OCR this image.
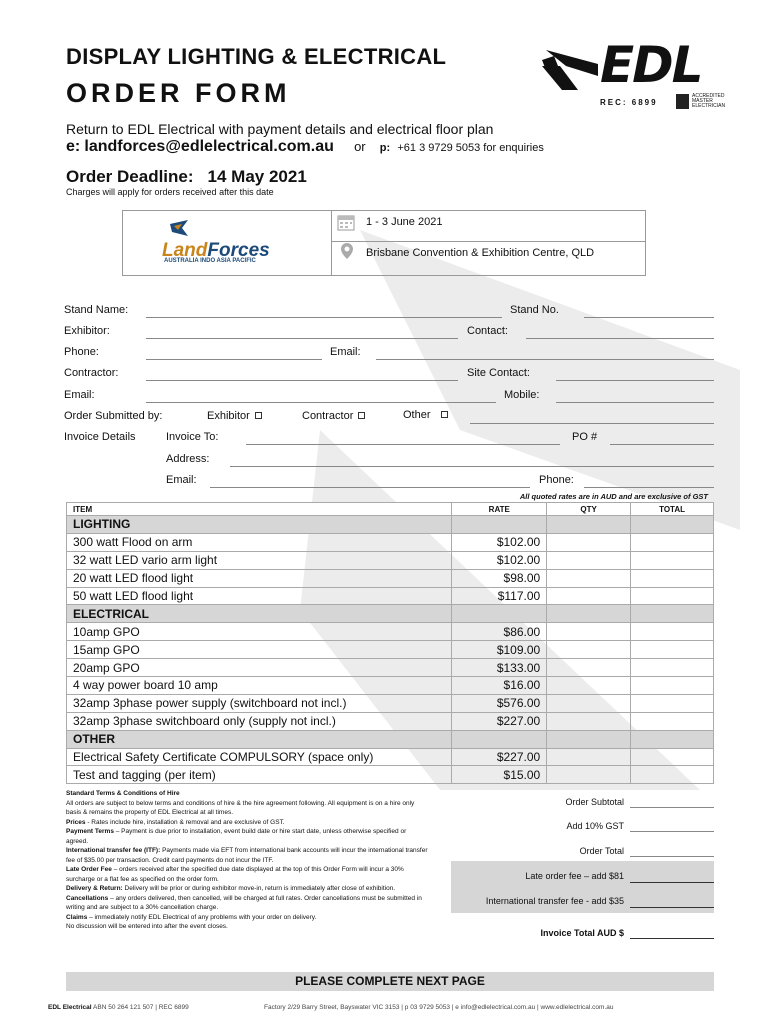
DISPLAY LIGHTING & ELECTRICAL
ORDER FORM	EDL
REC: 6899
ACCREDITED MASTER ELECTRICIAN
Return to EDL Electrical with payment details and electrical floor plan
e: landforces@edlelectrical.com.au or p: +61 3 9729 5053 for enquiries
Order Deadline: 14 May 2021
Charges will apply for orders received after this date
LandForces
AUSTRALIA INDO ASIA PACIFIC
1 - 3 June 2021
Brisbane Convention & Exhibition Centre, QLD
Stand Name:	Stand No.
Exhibitor:	Contact:
Phone:	Email:
Contractor:	Site Contact:
Email:	Mobile:
Order Submitted by:	Exhibitor	Contractor	Other
Invoice Details	Invoice To:	PO #
Address:
Email:	Phone:
All quoted rates are in AUD and are exclusive of GST
ITEM	RATE	QTY	TOTAL
LIGHTING			
300 watt Flood on arm	$102.00		
32 watt LED vario arm light	$102.00		
20 watt LED flood light	$98.00		
50 watt LED flood light	$117.00		
ELECTRICAL			
10amp GPO	$86.00		
15amp GPO	$109.00		
20amp GPO	$133.00		
4 way power board 10 amp	$16.00		
32amp 3phase power supply (switchboard not incl.)	$576.00		
32amp 3phase switchboard only (supply not incl.)	$227.00		
OTHER			
Electrical Safety Certificate COMPULSORY (space only)	$227.00		
Test and tagging (per item)	$15.00		
Standard Terms & Conditions of Hire
All orders are subject to below terms and conditions of hire & the hire agreement following. All equipment is on a hire only basis & remains the property of EDL Electrical at all times.
Prices - Rates include hire, installation & removal and are exclusive of GST.
Payment Terms – Payment is due prior to installation, event build date or hire start date, unless otherwise specified or agreed.
International transfer fee (ITF): Payments made via EFT from international bank accounts will incur the international transfer fee of $35.00 per transaction. Credit card payments do not incur the ITF.
Late Order Fee – orders received after the specified due date displayed at the top of this Order Form will incur a 30% surcharge or a flat fee as specified on the order form.
Delivery & Return: Delivery will be prior or during exhibitor move-in, return is immediately after close of exhibition.
Cancellations – any orders delivered, then cancelled, will be charged at full rates. Order cancellations must be submitted in writing and are subject to a 30% cancellation charge.
Claims – immediately notify EDL Electrical of any problems with your order on delivery.
No discussion will be entered into after the event closes.
Order Subtotal
Add 10% GST
Order Total
Late order fee – add $81
International transfer fee - add $35
Invoice Total AUD $
PLEASE COMPLETE NEXT PAGE
EDL Electrical ABN 50 264 121 507 | REC 6899	Factory 2/29 Barry Street, Bayswater VIC 3153 | p 03 9729 5053 | e info@edlelectrical.com.au | www.edlelectrical.com.au
